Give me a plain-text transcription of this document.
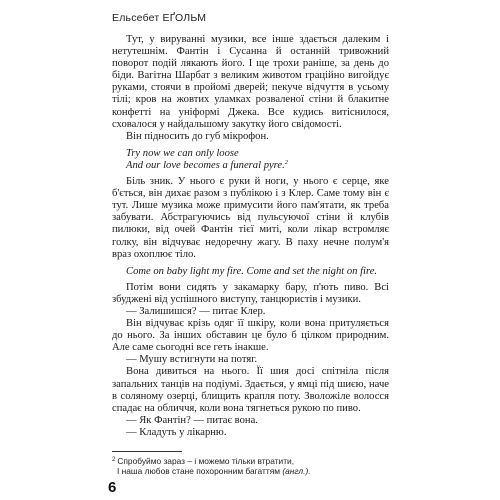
Ельсебет ЕҐОЛЬМ

Тут, у вируванні музики, все інше здається далеким і нетутешнім. Фантін і Сусанна й останній тривожний поворот подій лякають його. І ще трохи раніше, за день до біди. Вагітна Шарбат з великим животом грацiйно вигойдує руками, стоячи в пройомі дверей; пекуче відчуття в усьому тілі; кров на жовтих уламках розваленої стіни й блакитне конфетті на уніформі Джека. Все кудись витіснилося, сховалося у найдальшому закутку його свідомості.

Він підносить до губ мікрофон.

Try now we can only loose
And our love becomes a funeral pyre.$^2$

Біль зник. У нього є руки й ноги, у нього є серце, яке б'ється, він дихає разом з публікою і з Клер. Саме тому він є тут. Лише музика може примусити його пам'ятати, як треба забувати. Абстрагуючись від пульсуючої стіни й клубів пилюки, від очей Фантін тієї миті, коли лікар встромляє голку, він відчуває недоречну жагу. В паху нечне полум'я враз охоплює тіло.

Come on baby light my fire. Come and set the night on fire.

Потім вони сидять у закамарку бару, п'ють пиво. Всі збуджені від успішного виступу, танцюристів і музики.

— Залишишся? — питає Клер.

Він відчуває крізь одяг її шкіру, коли вона притуляється до нього. За інших обставин це було б цілком природним. Але саме сьогодні все геть інакше.

— Мушу встигнути на потяг.

Вона дивиться на нього. Її шия досі спітніла після запальних танців на подіумі. Здається, у ямці під шиєю, наче в соляному озерці, блищить крапля поту. Зволожіле волосся спадає на обличчя, коли вона тягнеться рукою по пиво.

— Як Фантін? — питає вона.

— Кладуть у лікарню.

$^2$ Спробуймо зараз – і можемо тільки втратити,
І наша любов стане похоронним багаттям (англ.).
6
